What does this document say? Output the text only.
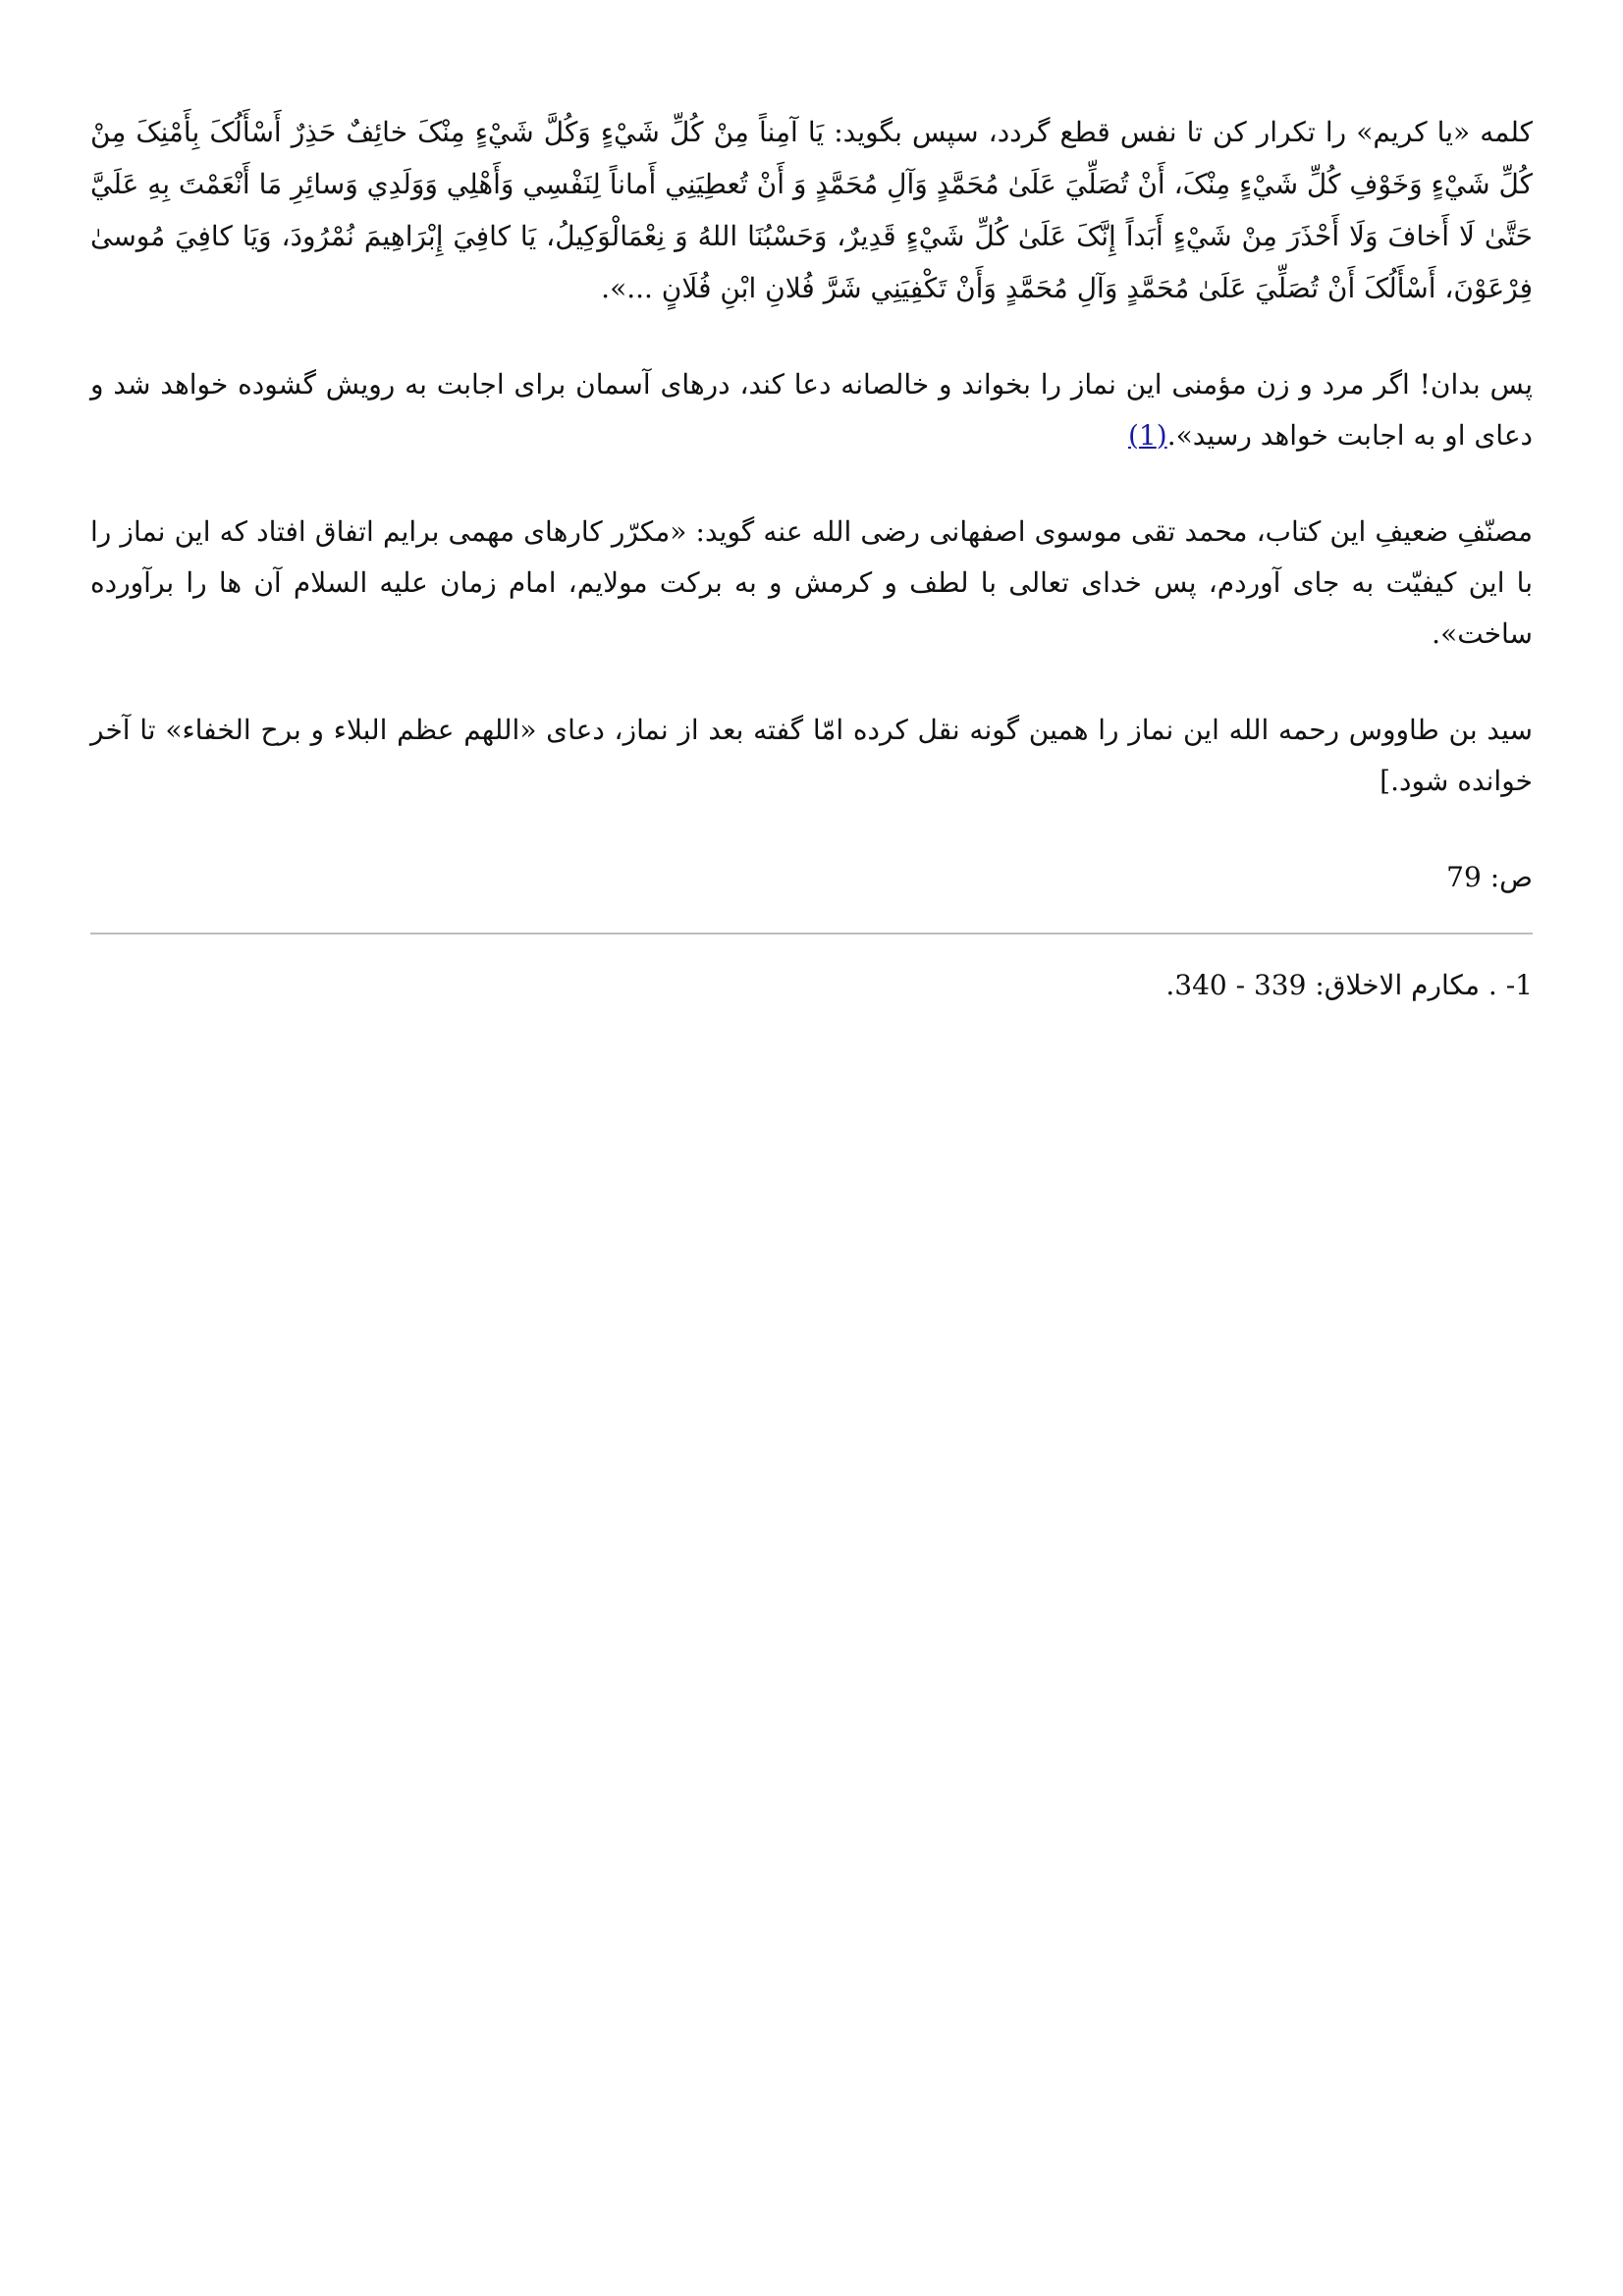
کلمه «یا کریم» را تکرار کن تا نفس قطع گردد، سپس بگوید: یَا آمِناً مِنْ کُلِّ شَيْءٍ وَکُلَّ شَيْءٍ مِنْکَ خائِفٌ حَذِرٌ أَسْأَلُکَ بِأَمْنِکَ مِنْ کُلِّ شَيْءٍ وَخَوْفِ کُلِّ شَيْءٍ مِنْکَ، أَنْ تُصَلِّيَ عَلَىٰ مُحَمَّدٍ وَآلِ مُحَمَّدٍ وَ أَنْ تُعطِيَنِي أَماناً لِنَفْسِي وَأَهْلِي وَوَلَدِي وَسائِرِ مَا أَنْعَمْتَ بِهِ عَلَيَّ حَتَّىٰ لَا أَخافَ وَلَا أَحْذَرَ مِنْ شَيْءٍ أَبَداً إِنَّکَ عَلَىٰ کُلِّ شَيْءٍ قَدِيرٌ، وَحَسْبُنَا اللهُ وَ نِعْمَالْوَکِيلُ، يَا کافِيَ إِبْرَاهِيمَ نُمْرُودَ، وَيَا کافِيَ مُوسىٰ فِرْعَوْنَ، أَسْأَلُکَ أَنْ تُصَلِّيَ عَلَىٰ مُحَمَّدٍ وَآلِ مُحَمَّدٍ وَأَنْ تَکْفِيَنِي شَرَّ فُلانِ ابْنِ فُلَانٍ ...».

پس بدان! اگر مرد و زن مؤمنی این نماز را بخواند و خالصانه دعا کند، درهای آسمان برای اجابت به رویش گشوده خواهد شد و دعای او به اجابت خواهد رسید».(1)

مصنّفِ ضعیفِ این کتاب، محمد تقی موسوی اصفهانی رضی الله عنه گوید: «مکرّر کارهای مهمی برایم اتفاق افتاد که این نماز را با این کیفیّت به جای آوردم، پس خدای تعالی با لطف و کرمش و به برکت مولایم، امام زمان علیه السلام آن ها را برآورده ساخت».

سید بن طاووس رحمه الله این نماز را همین گونه نقل کرده امّا گفته بعد از نماز، دعای «اللهم عظم البلاء و برح الخفاء» تا آخر خوانده شود.]

ص: 79

1- . مکارم الاخلاق: 339 - 340.
